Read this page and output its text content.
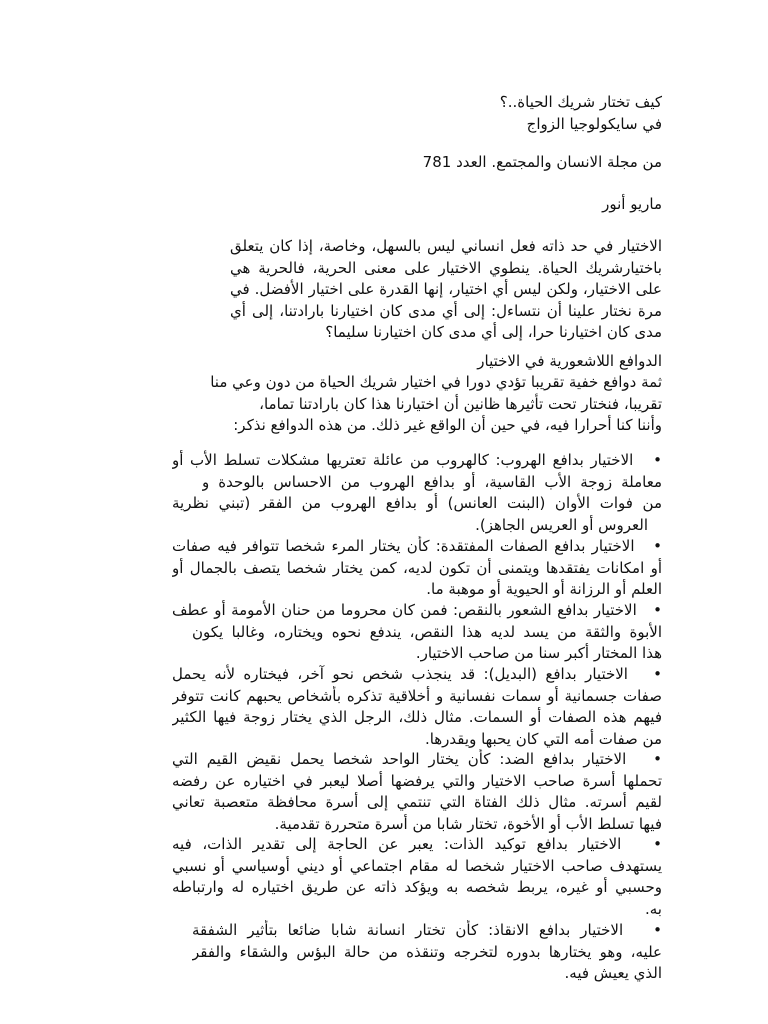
كيف تختار شريك الحياة..؟
في سايكولوجيا الزواج
من مجلة الانسان والمجتمع. العدد 781
ماريو أنور
الاختيار في حد ذاته فعل انساني ليس بالسهل، وخاصة، إذا كان يتعلق
باختيارشريك الحياة. ينطوي الاختيار على معنى الحرية، فالحرية هي
على الاختيار، ولكن ليس أي اختيار، إنها القدرة على اختيار الأفضل. في
مرة نختار علينا أن نتساءل: إلى أي مدى كان اختيارنا بارادتنا، إلى أي
مدى كان اختيارنا حرا، إلى أي مدى كان اختيارنا سليما؟
الدوافع اللاشعورية في الاختيار
ثمة دوافع خفية تقريبا تؤدي دورا في اختيار شريك الحياة من دون وعي منا
تقريبا، فنختار تحت تأثيرها ظانين أن اختيارنا هذا كان بارادتنا تماما،
وأننا كنا أحرارا فيه، في حين أن الواقع غير ذلك. من هذه الدوافع نذكر:
•   الاختيار بدافع الهروب: كالهروب من عائلة تعتريها مشكلات تسلط الأب أو
معاملة زوجة الأب القاسية، أو بدافع الهروب من الاحساس بالوحدة و
من فوات الأوان (البنت العانس) أو بدافع الهروب من الفقر (تبني نظرية
العروس أو العريس الجاهز).
•   الاختيار بدافع الصفات المفتقدة: كأن يختار المرء شخصا تتوافر فيه صفات
أو امكانات يفتقدها ويتمنى أن تكون لديه، كمن يختار شخصا يتصف بالجمال أو
العلم أو الرزانة أو الحيوية أو موهبة ما.
•   الاختيار بدافع الشعور بالنقص: فمن كان محروما من حنان الأمومة أو عطف
الأبوة والثقة من يسد لديه هذا النقص، يندفع نحوه ويختاره، وغالبا يكون
هذا المختار أكبر سنا من صاحب الاختيار.
•   الاختيار بدافع (البديل): قد ينجذب شخص نحو آخر، فيختاره لأنه يحمل
صفات جسمانية أو سمات نفسانية و أخلاقية تذكره بأشخاص يحبهم كانت تتوفر
فيهم هذه الصفات أو السمات. مثال ذلك، الرجل الذي يختار زوجة فيها الكثير
من صفات أمه التي كان يحبها ويقدرها.
•   الاختيار بدافع الضد: كأن يختار الواحد شخصا يحمل نقيض القيم التي
تحملها أسرة صاحب الاختيار والتي يرفضها أصلا ليعبر في اختياره عن رفضه
لقيم أسرته. مثال ذلك الفتاة التي تنتمي إلى أسرة محافظة متعصبة تعاني
فيها تسلط الأب أو الأخوة، تختار شابا من أسرة متحررة تقدمية.
•   الاختيار بدافع توكيد الذات: يعبر عن الحاجة إلى تقدير الذات، فيه
يستهدف صاحب الاختيار شخصا له مقام اجتماعي أو ديني أوسياسي أو نسبي
وحسبي أو غيره، يربط شخصه به ويؤكد ذاته عن طريق اختياره له وارتباطه
به.
•   الاختيار بدافع الانقاذ: كأن تختار انسانة شابا ضائعا بتأثير الشفقة
عليه، وهو يختارها بدوره لتخرجه وتنقذه من حالة البؤس والشقاء والفقر
الذي يعيش فيه.
